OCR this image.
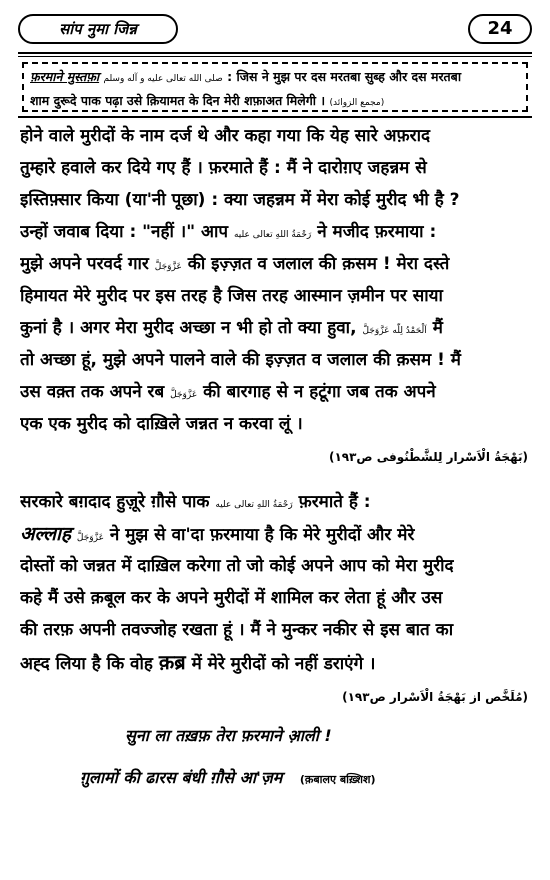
सांप नुमा जिन्न	24
फ़रमाने मुस्तफ़ा صلى الله تعالى عليه و آله وسلم : जिस ने मुझ पर दस मरतबा सुब्ह और दस मरतबा
शाम दुरूदे पाक पढ़ा उसे क़ियामत के दिन मेरी शफ़ाअत मिलेगी । (مجمع الزوائد)
होने वाले मुरीदों के नाम दर्ज थे और कहा गया कि येह सारे अफ़राद
तुम्हारे हवाले कर दिये गए हैं । फ़रमाते हैं : मैं ने दारोग़ए जहन्नम से
इस्तिफ़्सार किया (या'नी पूछा) : क्या जहन्नम में मेरा कोई मुरीद भी है ?
उन्हों जवाब दिया : "नहीं ।" आप رَحْمَةُ اللهِ تعالى عليه ने मजीद फ़रमाया :
मुझे अपने परवर्द गार عَزَّوَجَلَّ की इज़्ज़त व जलाल की क़सम ! मेरा दस्ते
हिमायत मेरे मुरीद पर इस तरह है जिस तरह आस्मान ज़मीन पर साया
कुनां है । अगर मेरा मुरीद अच्छा न भी हो तो क्या हुवा, اَلْحَمْدُ لِلّٰه عَزَّوَجَلَّ मैं
तो अच्छा हूं, मुझे अपने पालने वाले की इज़्ज़त व जलाल की क़सम ! मैं
उस वक़्त तक अपने रब عَزَّوَجَلَّ की बारगाह से न हटूंगा जब तक अपने
एक एक मुरीद को दाख़िले जन्नत न करवा लूं ।
(بَهْجَةُ الْاَسْرار لِلشَّطْنُوفى ص١٩٣)
सरकारे बग़दाद हुज़ूरे ग़ौसे पाक رَحْمَةُ اللهِ تعالى عليه फ़रमाते हैं :
अल्लाह عَزَّوَجَلَّ ने मुझ से वा'दा फ़रमाया है कि मेरे मुरीदों और मेरे
दोस्तों को जन्नत में दाख़िल करेगा तो जो कोई अपने आप को मेरा मुरीद
कहे मैं उसे क़बूल कर के अपने मुरीदों में शामिल कर लेता हूं और उस
की तरफ़ अपनी तवज्जोह रखता हूं । मैं ने मुन्कर नकीर से इस बात का
अह्द लिया है कि वोह क़ब्र में मेरे मुरीदों को नहीं डराएंगे ।
(مُلَخَّص از بَهْجَةُ الْاَسْرار ص١٩٣)
सुना ला तख़फ़ तेरा फ़रमाने आ़ली !
ग़ुलामों की ढारस बंधी ग़ौसे आ'ज़म (क़बालए बख़्शिश)
